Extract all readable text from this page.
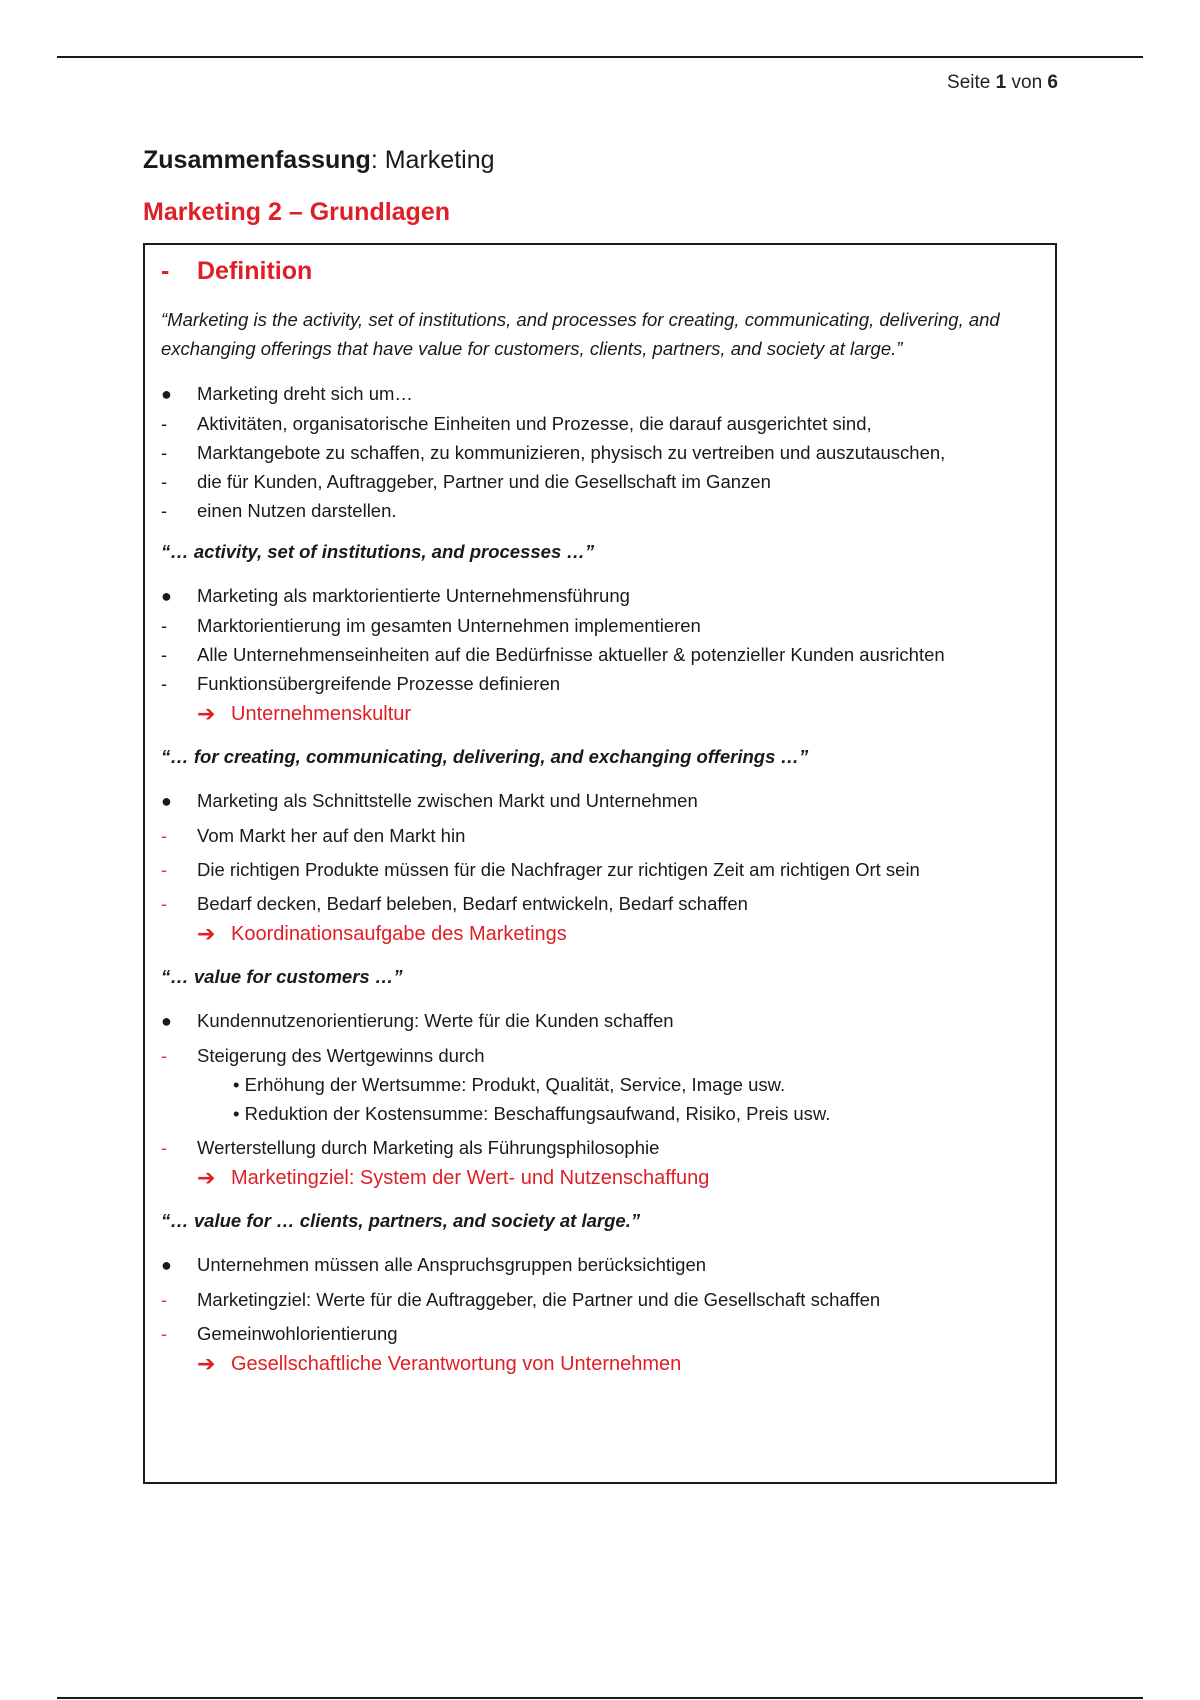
Seite 1 von 6
Zusammenfassung: Marketing
Marketing 2 – Grundlagen
-	Definition
“Marketing is the activity, set of institutions, and processes for creating, communicating, delivering, and exchanging offerings that have value for customers, clients, partners, and society at large.”
●	Marketing dreht sich um…
-	Aktivitäten, organisatorische Einheiten und Prozesse, die darauf ausgerichtet sind,
-	Marktangebote zu schaffen, zu kommunizieren, physisch zu vertreiben und auszutauschen,
-	die für Kunden, Auftraggeber, Partner und die Gesellschaft im Ganzen
-	einen Nutzen darstellen.
“… activity, set of institutions, and processes …”
●	Marketing als marktorientierte Unternehmensführung
-	Marktorientierung im gesamten Unternehmen implementieren
-	Alle Unternehmenseinheiten auf die Bedürfnisse aktueller & potenzieller Kunden ausrichten
-	Funktionsübergreifende Prozesse definieren
➔ Unternehmenskultur
“… for creating, communicating, delivering, and exchanging offerings …”
●	Marketing als Schnittstelle zwischen Markt und Unternehmen
-	Vom Markt her auf den Markt hin
-	Die richtigen Produkte müssen für die Nachfrager zur richtigen Zeit am richtigen Ort sein
-	Bedarf decken, Bedarf beleben, Bedarf entwickeln, Bedarf schaffen
➔ Koordinationsaufgabe des Marketings
“… value for customers …”
●	Kundennutzenorientierung: Werte für die Kunden schaffen
-	Steigerung des Wertgewinns durch
• Erhöhung der Wertsumme: Produkt, Qualität, Service, Image usw.
• Reduktion der Kostensumme: Beschaffungsaufwand, Risiko, Preis usw.
-	Werterstellung durch Marketing als Führungsphilosophie
➔ Marketingziel: System der Wert- und Nutzenschaffung
“… value for … clients, partners, and society at large.”
●	Unternehmen müssen alle Anspruchsgruppen berücksichtigen
-	Marketingziel: Werte für die Auftraggeber, die Partner und die Gesellschaft schaffen
-	Gemeinwohlorientierung
➔ Gesellschaftliche Verantwortung von Unternehmen
